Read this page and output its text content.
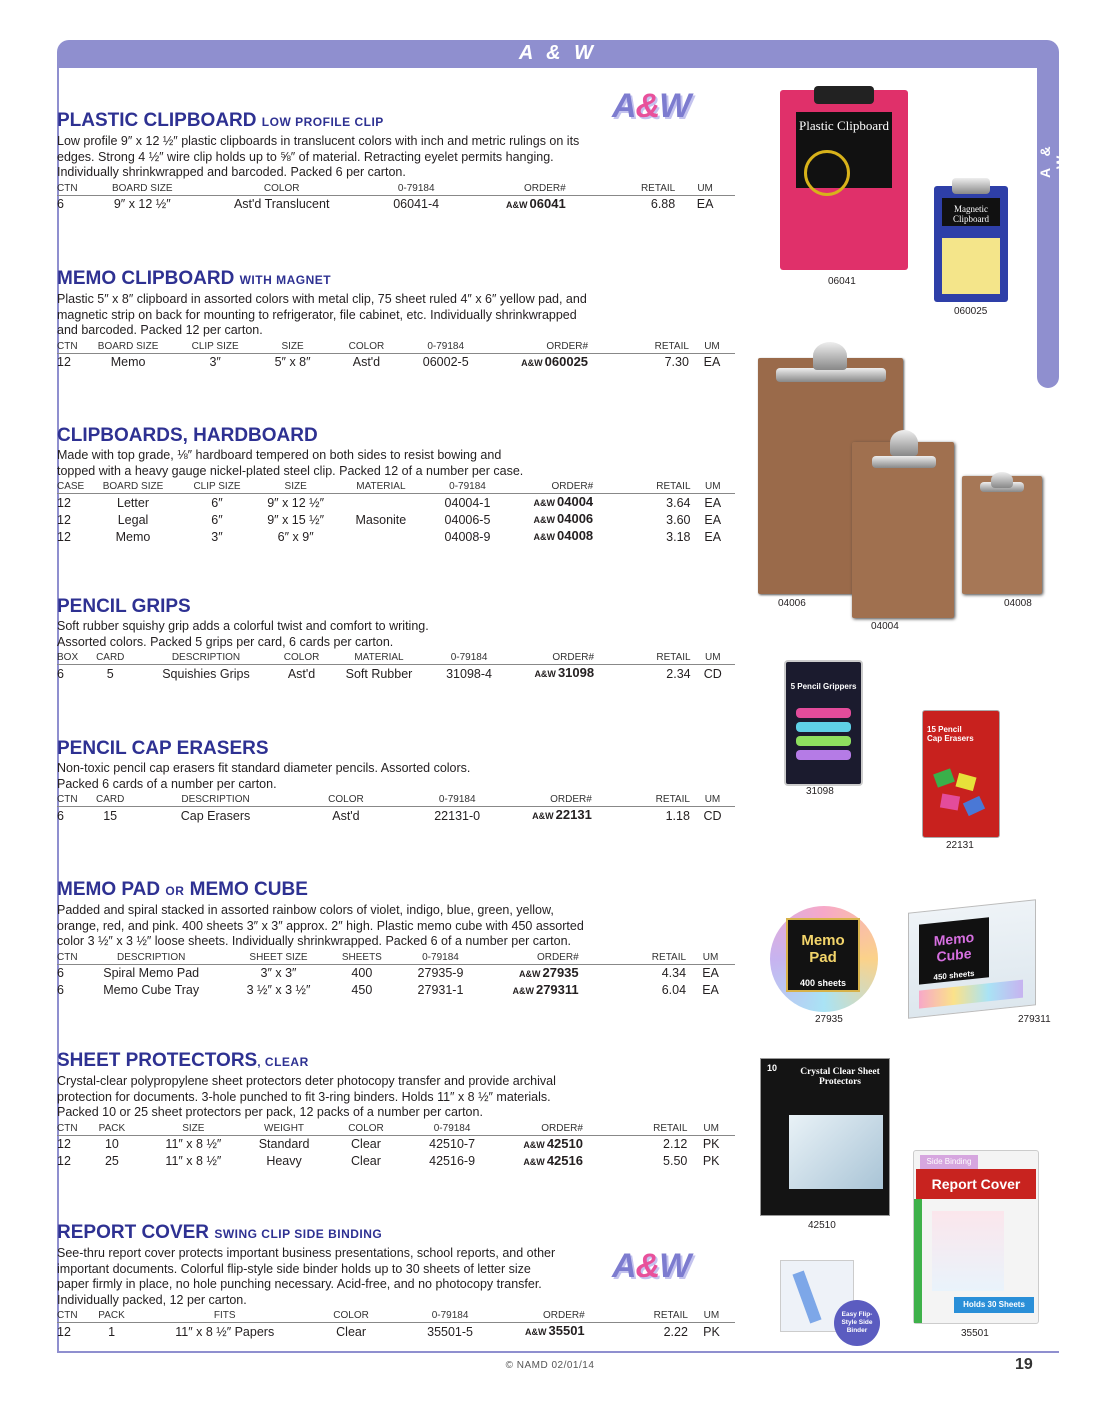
A & W
A & W
© NAMD 02/01/14	19
A&W
A&W
PLASTIC CLIPBOARD LOW PROFILE CLIP
Low profile 9″ x 12 ½″ plastic clipboards in translucent colors with inch and metric rulings on its edges. Strong 4 ½″ wire clip holds up to ⅝″ of material. Retracting eyelet permits hanging. Individually shrinkwrapped and barcoded. Packed 6 per carton.
CTN	BOARD SIZE	COLOR	0-79184	ORDER#	RETAIL	UM
6	9″ x 12 ½″	Ast'd Translucent	06041-4	A&W 06041	6.88	EA
MEMO CLIPBOARD WITH MAGNET
Plastic 5″ x 8″ clipboard in assorted colors with metal clip, 75 sheet ruled 4″ x 6″ yellow pad, and magnetic strip on back for mounting to refrigerator, file cabinet, etc. Individually shrinkwrapped and barcoded. Packed 12 per carton.
CTN	BOARD SIZE	CLIP SIZE	SIZE	COLOR	0-79184	ORDER#	RETAIL	UM
12	Memo	3″	5″ x 8″	Ast'd	06002-5	A&W 060025	7.30	EA
CLIPBOARDS, HARDBOARD
Made with top grade, ⅛″ hardboard tempered on both sides to resist bowing and topped with a heavy gauge nickel-plated steel clip. Packed 12 of a number per case.
CASE	BOARD SIZE	CLIP SIZE	SIZE	MATERIAL	0-79184	ORDER#	RETAIL	UM
12	Letter	6″	9″ x 12 ½″		04004-1	A&W 04004	3.64	EA
12	Legal	6″	9″ x 15 ½″	Masonite	04006-5	A&W 04006	3.60	EA
12	Memo	3″	6″ x 9″		04008-9	A&W 04008	3.18	EA
PENCIL GRIPS
Soft rubber squishy grip adds a colorful twist and comfort to writing. Assorted colors. Packed 5 grips per card, 6 cards per carton.
BOX	CARD	DESCRIPTION	COLOR	MATERIAL	0-79184	ORDER#	RETAIL	UM
6	5	Squishies Grips	Ast'd	Soft Rubber	31098-4	A&W 31098	2.34	CD
PENCIL CAP ERASERS
Non-toxic pencil cap erasers fit standard diameter pencils. Assorted colors. Packed 6 cards of a number per carton.
CTN	CARD	DESCRIPTION	COLOR	0-79184	ORDER#	RETAIL	UM
6	15	Cap Erasers	Ast'd	22131-0	A&W 22131	1.18	CD
MEMO PAD OR MEMO CUBE
Padded and spiral stacked in assorted rainbow colors of violet, indigo, blue, green, yellow, orange, red, and pink. 400 sheets 3″ x 3″ approx. 2″ high. Plastic memo cube with 450 assorted color 3 ½″ x 3 ½″ loose sheets. Individually shrinkwrapped. Packed 6 of a number per carton.
CTN	DESCRIPTION	SHEET SIZE	SHEETS	0-79184	ORDER#	RETAIL	UM
6	Spiral Memo Pad	3″ x 3″	400	27935-9	A&W 27935	4.34	EA
6	Memo Cube Tray	3 ½″ x 3 ½″	450	27931-1	A&W 279311	6.04	EA
SHEET PROTECTORS, CLEAR
Crystal-clear polypropylene sheet protectors deter photocopy transfer and provide archival protection for documents. 3-hole punched to fit 3-ring binders. Holds 11″ x 8 ½″ materials. Packed 10 or 25 sheet protectors per pack, 12 packs of a number per carton.
CTN	PACK	SIZE	WEIGHT	COLOR	0-79184	ORDER#	RETAIL	UM
12	10	11″ x 8 ½″	Standard	Clear	42510-7	A&W 42510	2.12	PK
12	25	11″ x 8 ½″	Heavy	Clear	42516-9	A&W 42516	5.50	PK
REPORT COVER SWING CLIP SIDE BINDING
See-thru report cover protects important business presentations, school reports, and other important documents. Colorful flip-style side binder holds up to 30 sheets of letter size paper firmly in place, no hole punching necessary. Acid-free, and no photocopy transfer. Individually packed, 12 per carton.
CTN	PACK	FITS	COLOR	0-79184	ORDER#	RETAIL	UM
12	1	11″ x 8 ½″ Papers	Clear	35501-5	A&W 35501	2.22	PK
Plastic Clipboard
06041
Magnetic Clipboard
060025
04006
04004
04008
5 Pencil Grippers
31098
15 Pencil Cap Erasers
22131
Memo Pad
400 sheets
27935
Memo Cube
450 sheets
279311
10	Crystal Clear Sheet Protectors
42510
Side Binding
Report Cover
Holds 30 Sheets
35501
Easy Flip-Style Side Binder
